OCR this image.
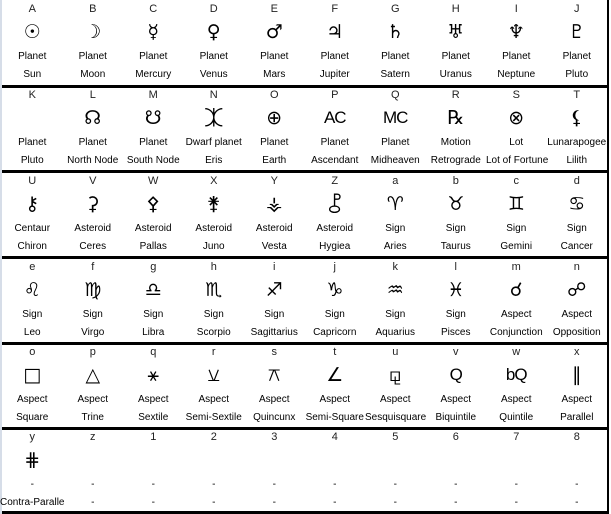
A
☉
Planet
Sun
B
☽
Planet
Moon
C
☿
Planet
Mercury
D
♀
Planet
Venus
E
♂
Planet
Mars
F
♃
Planet
Jupiter
G
♄
Planet
Satern
H
♅
Planet
Uranus
I
♆
Planet
Neptune
J
♇
Planet
Pluto
K
Planet
Pluto
L
☊
Planet
North Node
M
☋
Planet
South Node
N
⯰
Dwarf planet
Eris
O
⊕
Planet
Earth
P
AC
Planet
Ascendant
Q
MC
Planet
Midheaven
R
℞
Motion
Retrograde
S
⊗
Lot
Lot of Fortune
T
⚸
Lunarapogee
Lilith
U
⚷
Centaur
Chiron
V
⚳
Asteroid
Ceres
W
⚴
Asteroid
Pallas
X
⚵
Asteroid
Juno
Y
⚶
Asteroid
Vesta
Z
⯛
Asteroid
Hygiea
a
♈
Sign
Aries
b
♉
Sign
Taurus
c
♊
Sign
Gemini
d
♋
Sign
Cancer
e
♌
Sign
Leo
f
♍
Sign
Virgo
g
♎
Sign
Libra
h
♏
Sign
Scorpio
i
♐
Sign
Sagittarius
j
♑
Sign
Capricorn
k
♒
Sign
Aquarius
l
♓
Sign
Pisces
m
☌
Aspect
Conjunction
n
☍
Aspect
Opposition
o
□
Aspect
Square
p
△
Aspect
Trine
q
⚹
Aspect
Sextile
r
⚺
Aspect
Semi-Sextile
s
⚻
Aspect
Quincunx
t
∠
Aspect
Semi-Square
u
⚼
Aspect
Sesquisquare
v
Q
Aspect
Biquintile
w
bQ
Aspect
Quintile
x
∥
Aspect
Parallel
y
⋕
-
Contra-Paralle
z
-
-
1
-
-
2
-
-
3
-
-
4
-
-
5
-
-
6
-
-
7
-
-
8
-
-
